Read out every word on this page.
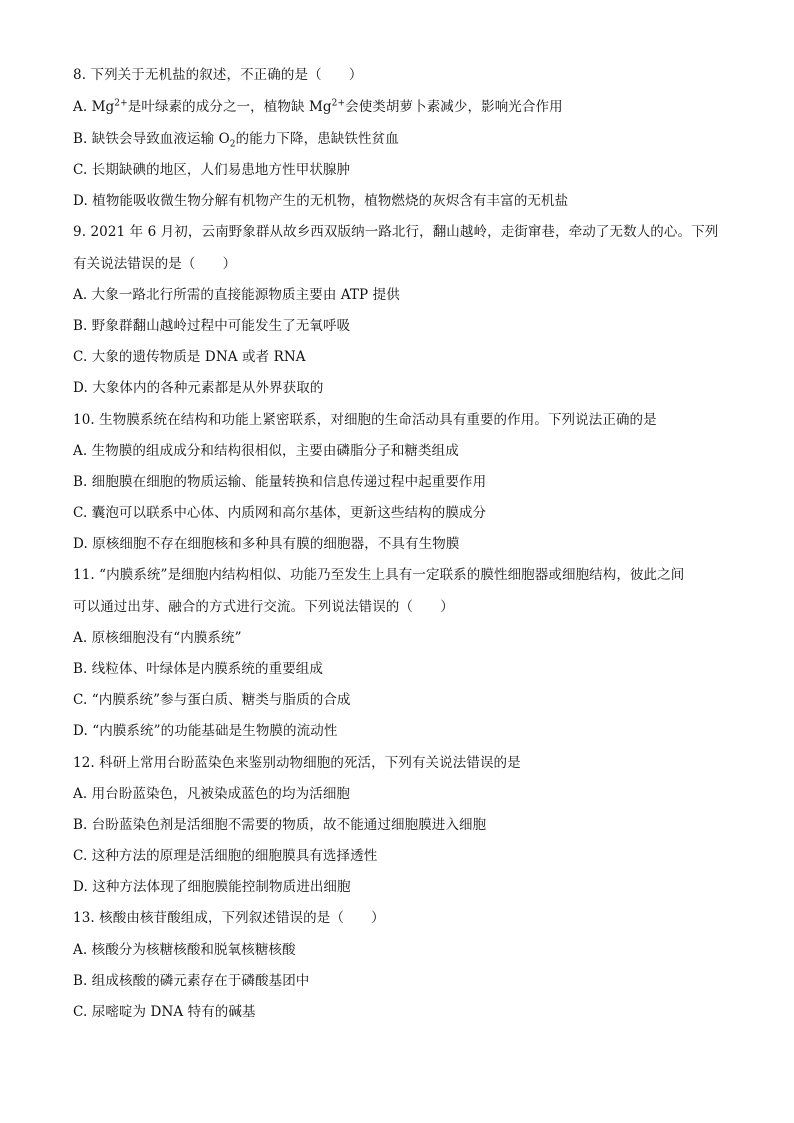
8. 下列关于无机盐的叙述，不正确的是（　　）
A. $Mg^{2+}$是叶绿素的成分之一，植物缺 $Mg^{2+}$会使类胡萝卜素减少，影响光合作用
B. 缺铁会导致血液运输 $O_2$的能力下降，患缺铁性贫血
C. 长期缺碘的地区，人们易患地方性甲状腺肿
D. 植物能吸收微生物分解有机物产生的无机物，植物燃烧的灰烬含有丰富的无机盐
9. 2021 年 6 月初，云南野象群从故乡西双版纳一路北行，翻山越岭，走街窜巷，牵动了无数人的心。下列
有关说法错误的是（　　）
A. 大象一路北行所需的直接能源物质主要由 ATP 提供
B. 野象群翻山越岭过程中可能发生了无氧呼吸
C. 大象的遗传物质是 DNA 或者 RNA
D. 大象体内的各种元素都是从外界获取的
10. 生物膜系统在结构和功能上紧密联系，对细胞的生命活动具有重要的作用。下列说法正确的是
A. 生物膜的组成成分和结构很相似，主要由磷脂分子和糖类组成
B. 细胞膜在细胞的物质运输、能量转换和信息传递过程中起重要作用
C. 囊泡可以联系中心体、内质网和高尔基体，更新这些结构的膜成分
D. 原核细胞不存在细胞核和多种具有膜的细胞器，不具有生物膜
11. “内膜系统”是细胞内结构相似、功能乃至发生上具有一定联系的膜性细胞器或细胞结构，彼此之间
可以通过出芽、融合的方式进行交流。下列说法错误的（　　）
A. 原核细胞没有“内膜系统”
B. 线粒体、叶绿体是内膜系统的重要组成
C. “内膜系统”参与蛋白质、糖类与脂质的合成
D. “内膜系统”的功能基础是生物膜的流动性
12. 科研上常用台盼蓝染色来鉴别动物细胞的死活，下列有关说法错误的是
A. 用台盼蓝染色，凡被染成蓝色的均为活细胞
B. 台盼蓝染色剂是活细胞不需要的物质，故不能通过细胞膜进入细胞
C. 这种方法的原理是活细胞的细胞膜具有选择透性
D. 这种方法体现了细胞膜能控制物质进出细胞
13. 核酸由核苷酸组成，下列叙述错误的是（　　）
A. 核酸分为核糖核酸和脱氧核糖核酸
B. 组成核酸的磷元素存在于磷酸基团中
C. 尿嘧啶为 DNA 特有的碱基
